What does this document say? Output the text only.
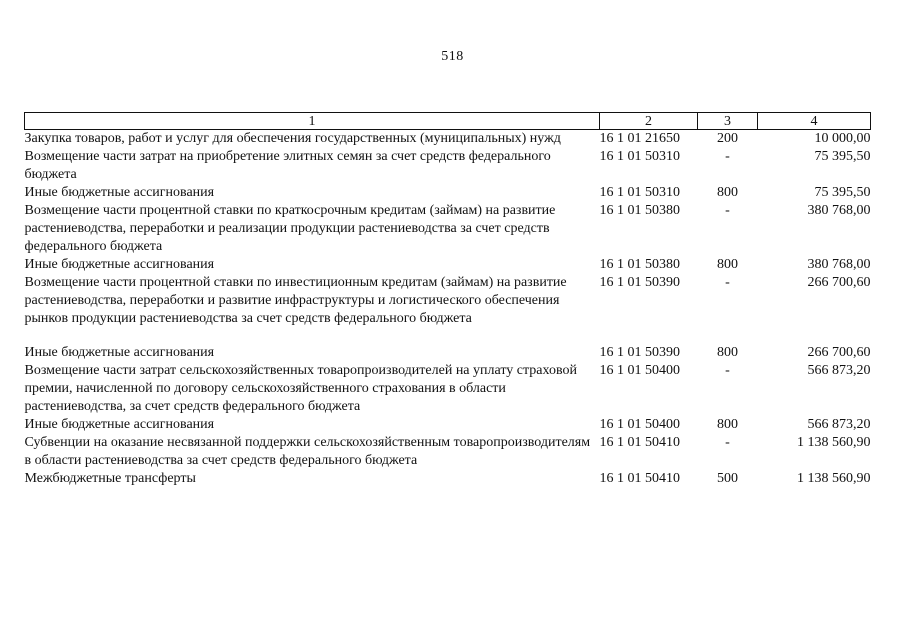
518
1	2	3	4
Закупка товаров, работ и услуг для обеспечения государственных (муниципальных) нужд	16 1 01 21650	200	10 000,00
Возмещение части затрат на приобретение элитных семян за счет средств федерального бюджета	16 1 01 50310	-	75 395,50
Иные бюджетные ассигнования	16 1 01 50310	800	75 395,50
Возмещение части процентной ставки по краткосрочным кредитам (займам) на развитие растениеводства, переработки и реализации продукции растениеводства за счет средств федерального бюджета	16 1 01 50380	-	380 768,00
Иные бюджетные ассигнования	16 1 01 50380	800	380 768,00
Возмещение части процентной ставки по инвестиционным кредитам (займам) на развитие растениеводства, переработки и развитие инфраструктуры и логистического обеспечения рынков продукции растениеводства за счет средств федерального бюджета	16 1 01 50390	-	266 700,60

Иные бюджетные ассигнования	16 1 01 50390	800	266 700,60
Возмещение части затрат сельскохозяйственных товаропроизводителей на уплату страховой премии, начисленной по договору сельскохозяйственного страхования в области растениеводства, за счет средств федерального бюджета	16 1 01 50400	-	566 873,20
Иные бюджетные ассигнования	16 1 01 50400	800	566 873,20
Субвенции на оказание несвязанной поддержки сельскохозяйственным товаропроизводителям в области растениеводства за счет средств федерального бюджета	16 1 01 50410	-	1 138 560,90
Межбюджетные трансферты	16 1 01 50410	500	1 138 560,90
